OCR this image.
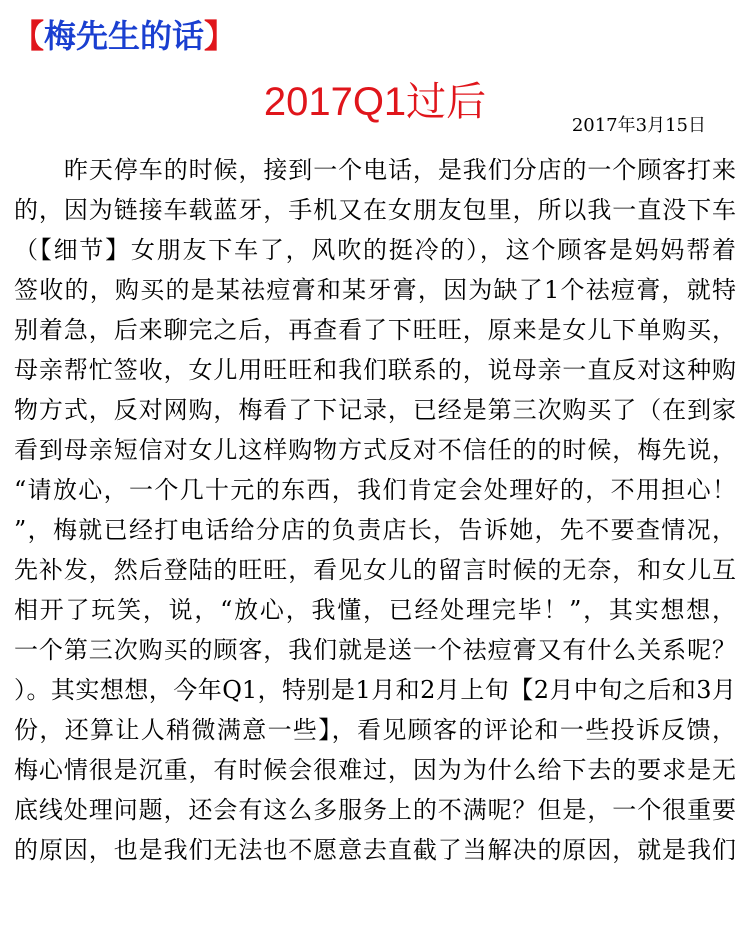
【梅先生的话】
2017Q1过后
2017年3月15日
昨天停车的时候，接到一个电话，是我们分店的一个顾客打来
的，因为链接车载蓝牙，手机又在女朋友包里，所以我一直没下车
（【细节】女朋友下车了，风吹的挺冷的），这个顾客是妈妈帮着
签收的，购买的是某祛痘膏和某牙膏，因为缺了1个祛痘膏，就特
别着急，后来聊完之后，再查看了下旺旺，原来是女儿下单购买，
母亲帮忙签收，女儿用旺旺和我们联系的，说母亲一直反对这种购
物方式，反对网购，梅看了下记录，已经是第三次购买了（在到家
看到母亲短信对女儿这样购物方式反对不信任的的时候，梅先说，
“请放心，一个几十元的东西，我们肯定会处理好的，不用担心！
”，梅就已经打电话给分店的负责店长，告诉她，先不要查情况，
先补发，然后登陆的旺旺，看见女儿的留言时候的无奈，和女儿互
相开了玩笑，说，“放心，我懂，已经处理完毕！”，其实想想，
一个第三次购买的顾客，我们就是送一个祛痘膏又有什么关系呢？
）。其实想想，今年Q1，特别是1月和2月上旬【2月中旬之后和3月
份，还算让人稍微满意一些】，看见顾客的评论和一些投诉反馈，
梅心情很是沉重，有时候会很难过，因为为什么给下去的要求是无
底线处理问题，还会有这么多服务上的不满呢？但是，一个很重要
的原因，也是我们无法也不愿意去直截了当解决的原因，就是我们
